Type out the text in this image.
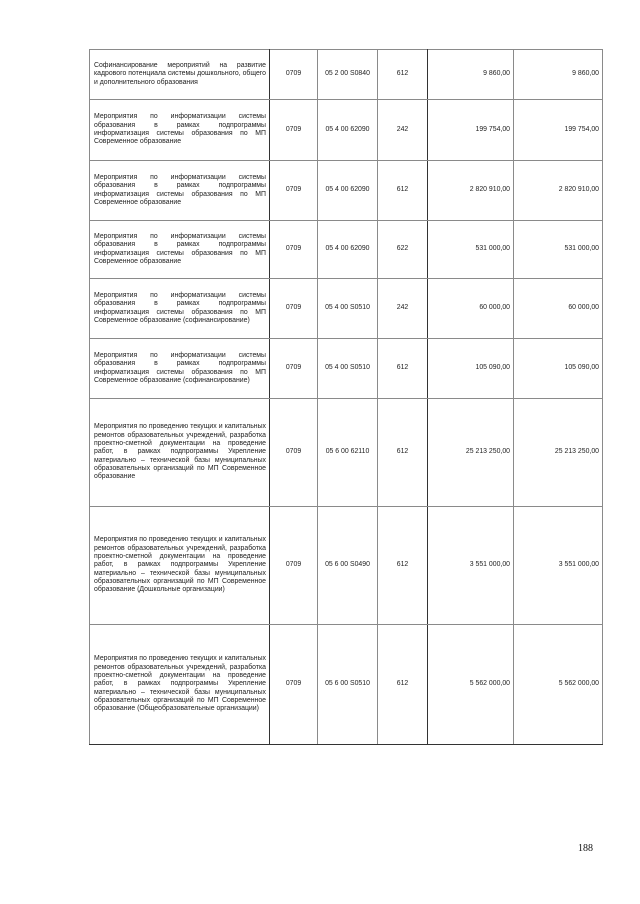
Софинансирование мероприятий на развитие кадрового потенциала системы дошкольного, общего и дополнительного образования	0709	05 2 00 S0840	612	9 860,00	9 860,00
Мероприятия по информатизации системы образования в рамках подпрограммы информатизация системы образования по МП Современное образование	0709	05 4 00 62090	242	199 754,00	199 754,00
Мероприятия по информатизации системы образования в рамках подпрограммы информатизация системы образования по МП Современное образование	0709	05 4 00 62090	612	2 820 910,00	2 820 910,00
Мероприятия по информатизации системы образования в рамках подпрограммы информатизация системы образования по МП Современное образование	0709	05 4 00 62090	622	531 000,00	531 000,00
Мероприятия по информатизации системы образования в рамках подпрограммы информатизация системы образования по МП Современное образование (софинансирование)	0709	05 4 00 S0510	242	60 000,00	60 000,00
Мероприятия по информатизации системы образования в рамках подпрограммы информатизация системы образования по МП Современное образование (софинансирование)	0709	05 4 00 S0510	612	105 090,00	105 090,00
Мероприятия по проведению текущих и капитальных ремонтов образовательных учреждений, разработка проектно-сметной документации на проведение работ, в рамках подпрограммы Укрепление материально – технической базы муниципальных образовательных организаций по МП Современное образование	0709	05 6 00 62110	612	25 213 250,00	25 213 250,00
Мероприятия по проведению текущих и капитальных ремонтов образовательных учреждений, разработка проектно-сметной документации на проведение работ, в рамках подпрограммы Укрепление материально – технической базы муниципальных образовательных организаций по МП Современное образование (Дошкольные организации)	0709	05 6 00 S0490	612	3 551 000,00	3 551 000,00
Мероприятия по проведению текущих и капитальных ремонтов образовательных учреждений, разработка проектно-сметной документации на проведение работ, в рамках подпрограммы Укрепление материально – технической базы муниципальных образовательных организаций по МП Современное образование (Общеобразовательные организации)	0709	05 6 00 S0510	612	5 562 000,00	5 562 000,00
188
